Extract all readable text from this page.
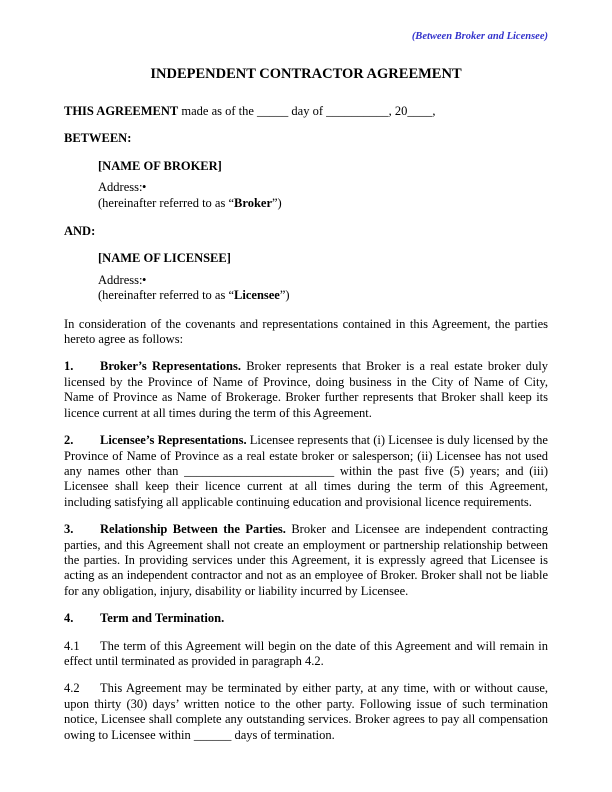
(Between Broker and Licensee)
INDEPENDENT CONTRACTOR AGREEMENT

THIS AGREEMENT made as of the _____ day of __________, 20____,

BETWEEN:

[NAME OF BROKER]
Address:•
(hereinafter referred to as “Broker”)

AND:

[NAME OF LICENSEE]
Address:•
(hereinafter referred to as “Licensee”)

In consideration of the covenants and representations contained in this Agreement, the parties hereto agree as follows:

1. Broker’s Representations. Broker represents that Broker is a real estate broker duly licensed by the Province of Name of Province, doing business in the City of Name of City, Name of Province as Name of Brokerage. Broker further represents that Broker shall keep its licence current at all times during the term of this Agreement.

2. Licensee’s Representations. Licensee represents that (i) Licensee is duly licensed by the Province of Name of Province as a real estate broker or salesperson; (ii) Licensee has not used any names other than ________________________ within the past five (5) years; and (iii) Licensee shall keep their licence current at all times during the term of this Agreement, including satisfying all applicable continuing education and provisional licence requirements.

3. Relationship Between the Parties. Broker and Licensee are independent contracting parties, and this Agreement shall not create an employment or partnership relationship between the parties. In providing services under this Agreement, it is expressly agreed that Licensee is acting as an independent contractor and not as an employee of Broker. Broker shall not be liable for any obligation, injury, disability or liability incurred by Licensee.

4. Term and Termination.

4.1 The term of this Agreement will begin on the date of this Agreement and will remain in effect until terminated as provided in paragraph 4.2.

4.2 This Agreement may be terminated by either party, at any time, with or without cause, upon thirty (30) days’ written notice to the other party. Following issue of such termination notice, Licensee shall complete any outstanding services. Broker agrees to pay all compensation owing to Licensee within ______ days of termination.
